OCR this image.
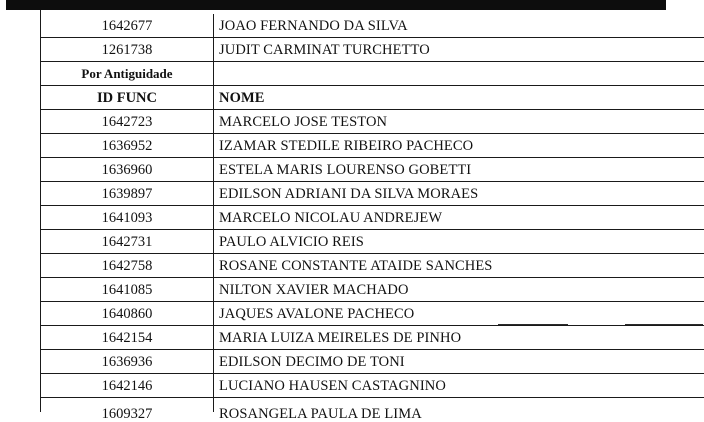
1642677	JOAO FERNANDO DA SILVA
1261738	JUDIT CARMINAT TURCHETTO
Por Antiguidade
ID FUNC	NOME
1642723	MARCELO JOSE TESTON
1636952	IZAMAR STEDILE RIBEIRO PACHECO
1636960	ESTELA MARIS LOURENSO GOBETTI
1639897	EDILSON ADRIANI DA SILVA MORAES
1641093	MARCELO NICOLAU ANDREJEW
1642731	PAULO ALVICIO REIS
1642758	ROSANE CONSTANTE ATAIDE SANCHES
1641085	NILTON XAVIER MACHADO
1640860	JAQUES AVALONE PACHECO
1642154	MARIA LUIZA MEIRELES DE PINHO
1636936	EDILSON DECIMO DE TONI
1642146	LUCIANO HAUSEN CASTAGNINO
1609327	ROSANGELA PAULA DE LIMA
